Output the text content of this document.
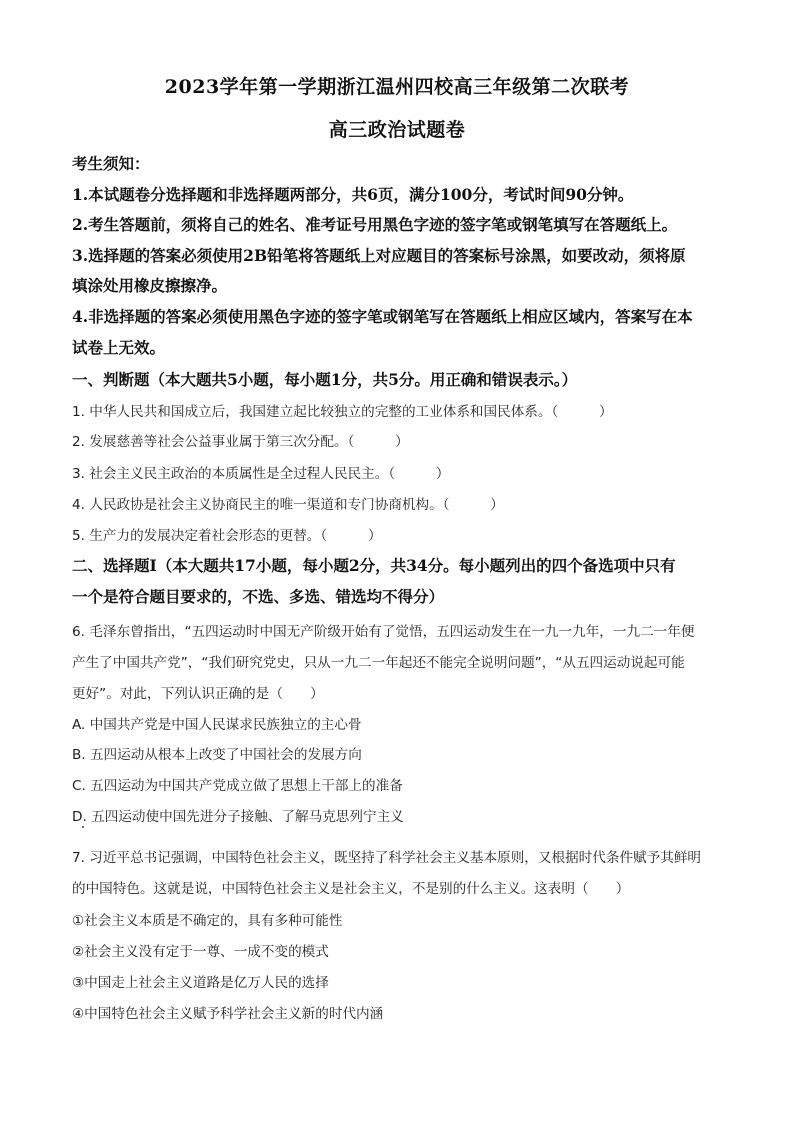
2023学年第一学期浙江温州四校高三年级第二次联考
高三政治试题卷
考生须知：
1.本试题卷分选择题和非选择题两部分，共6页，满分100分，考试时间90分钟。
2.考生答题前，须将自己的姓名、准考证号用黑色字迹的签字笔或钢笔填写在答题纸上。
3.选择题的答案必须使用2B铅笔将答题纸上对应题目的答案标号涂黑，如要改动，须将原
填涂处用橡皮擦擦净。
4.非选择题的答案必须使用黑色字迹的签字笔或钢笔写在答题纸上相应区域内，答案写在本
试卷上无效。
一、判断题（本大题共5小题，每小题1分，共5分。用正确和错误表示。）
1. 中华人民共和国成立后，我国建立起比较独立的完整的工业体系和国民体系。（　　　）
2. 发展慈善等社会公益事业属于第三次分配。（　　　）
3. 社会主义民主政治的本质属性是全过程人民民主。（　　　）
4. 人民政协是社会主义协商民主的唯一渠道和专门协商机构。（　　　）
5. 生产力的发展决定着社会形态的更替。（　　　）
二、选择题Ⅰ（本大题共17小题，每小题2分，共34分。每小题列出的四个备选项中只有
一个是符合题目要求的，不选、多选、错选均不得分）
6. 毛泽东曾指出，“五四运动时中国无产阶级开始有了觉悟，五四运动发生在一九一九年，一九二一年便
产生了中国共产党”，“我们研究党史，只从一九二一年起还不能完全说明问题”，“从五四运动说起可能
更好”。对此，下列认识正确的是（　　）
A. 中国共产党是中国人民谋求民族独立的主心骨
B. 五四运动从根本上改变了中国社会的发展方向
C. 五四运动为中国共产党成立做了思想上干部上的准备
D. 五四运动使中国先进分子接触、了解马克思列宁主义
7. 习近平总书记强调，中国特色社会主义，既坚持了科学社会主义基本原则，又根据时代条件赋予其鲜明
的中国特色。这就是说，中国特色社会主义是社会主义，不是别的什么主义。这表明（　　）
①社会主义本质是不确定的，具有多种可能性
②社会主义没有定于一尊、一成不变的模式
③中国走上社会主义道路是亿万人民的选择
④中国特色社会主义赋予科学社会主义新的时代内涵
